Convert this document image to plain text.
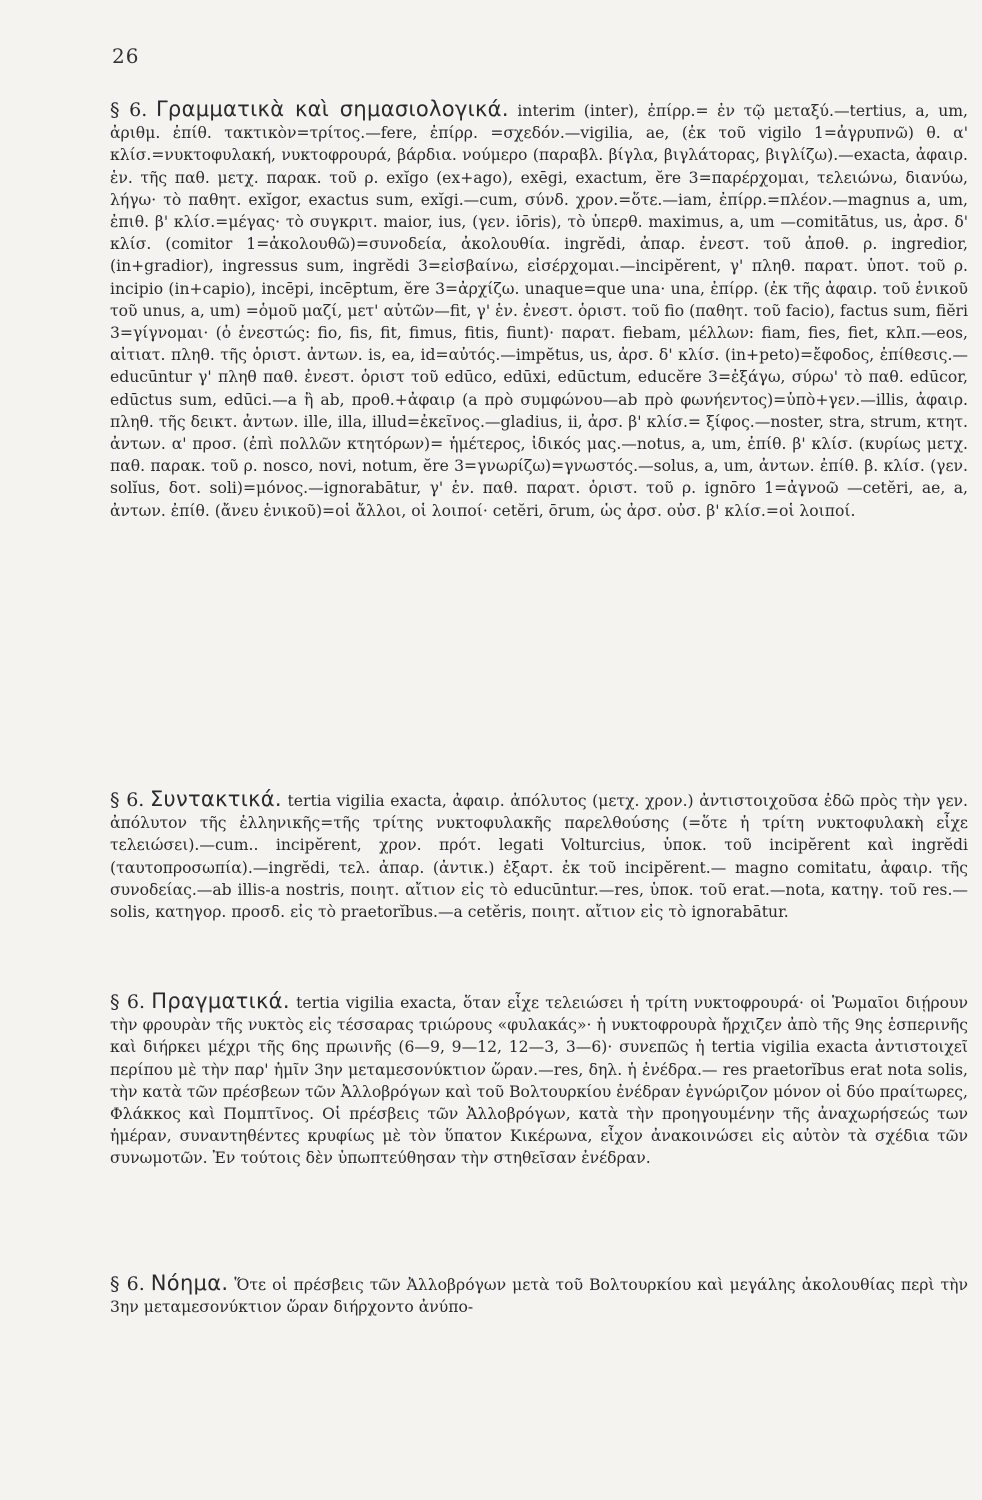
26
§ 6. Γραμματικὰ καὶ σημασιολογικά. interim (inter), ἐπίρρ.= ἐν τῷ μεταξύ.—tertius, a, um, ἀριθμ. ἐπίθ. τακτικὸν=τρίτος.—fere, ἐπίρρ. =σχεδόν.—vigilia, ae, (ἐκ τοῦ vigilo 1=ἀγρυπνῶ) θ. α' κλίσ.=νυκτοφυλακή, νυκτοφρουρά, βάρδια. νούμερο (παραβλ. βίγλα, βιγλάτορας, βιγλίζω).—exacta, ἀφαιρ. ἑν. τῆς παθ. μετχ. παρακ. τοῦ ρ. exĭgo (ex+ago), exēgi, exactum, ĕre 3=παρέρχομαι, τελειώνω, διανύω, λήγω· τὸ παθητ. exĭgor, exactus sum, exĭgi.—cum, σύνδ. χρον.=ὅτε.—iam, ἐπίρρ.=πλέον.—magnus a, um, ἐπιθ. β' κλίσ.=μέγας· τὸ συγκριτ. maior, ius, (γεν. iōris), τὸ ὑπερθ. maximus, a, um —comitātus, us, ἀρσ. δ' κλίσ. (comitor 1=ἀκολουθῶ)=συνοδεία, ἀκολουθία. ingrĕdi, ἀπαρ. ἐνεστ. τοῦ ἀποθ. ρ. ingredior, (in+gradior), ingressus sum, ingrĕdi 3=εἰσβαίνω, εἰσέρχομαι.—incipĕrent, γ' πληθ. παρατ. ὑποτ. τοῦ ρ. incipio (in+capio), incēpi, incēptum, ĕre 3=ἀρχίζω. unaque=que una· una, ἐπίρρ. (ἐκ τῆς ἀφαιρ. τοῦ ἑνικοῦ τοῦ unus, a, um) =ὁμοῦ μαζί, μετ' αὐτῶν—fit, γ' ἑν. ἐνεστ. ὁριστ. τοῦ fio (παθητ. τοῦ facio), factus sum, fiĕri 3=γίγνομαι· (ὁ ἐνεστώς: fio, fis, fit, fimus, fitis, fiunt)· παρατ. fiebam, μέλλων: fiam, fies, fiet, κλπ.—eos, αἰτιατ. πληθ. τῆς ὁριστ. ἀντων. is, ea, id=αὐτός.—impĕtus, us, ἀρσ. δ' κλίσ. (in+peto)=ἔφοδος, ἐπίθεσις.—educūntur γ' πληθ παθ. ἐνεστ. ὁριστ τοῦ edūco, edūxi, edūctum, educĕre 3=ἐξάγω, σύρω' τὸ παθ. edūcor, edūctus sum, edūci.—a ἢ ab, προθ.+ἀφαιρ (a πρὸ συμφώνου—ab πρὸ φωνήεντος)=ὑπὸ+γεν.—illis, ἀφαιρ. πληθ. τῆς δεικτ. ἀντων. ille, illa, illud=ἐκεῖνος.—gladius, ii, ἀρσ. β' κλίσ.= ξίφος.—noster, stra, strum, κτητ. ἀντων. α' προσ. (ἐπὶ πολλῶν κτητόρων)= ἡμέτερος, ἰδικός μας.—notus, a, um, ἐπίθ. β' κλίσ. (κυρίως μετχ. παθ. παρακ. τοῦ ρ. nosco, novi, notum, ĕre 3=γνωρίζω)=γνωστός.—solus, a, um, ἀντων. ἐπίθ. β. κλίσ. (γεν. solĭus, δοτ. soli)=μόνος.—ignorabātur, γ' ἑν. παθ. παρατ. ὁριστ. τοῦ ρ. ignōro 1=ἀγνοῶ —cetĕri, ae, a, ἀντων. ἐπίθ. (ἄνευ ἑνικοῦ)=οἱ ἄλλοι, οἱ λοιποί· cetĕri, ōrum, ὡς ἀρσ. οὐσ. β' κλίσ.=οἱ λοιποί.
§ 6. Συντακτικά. tertia vigilia exacta, ἀφαιρ. ἀπόλυτος (μετχ. χρον.) ἀντιστοιχοῦσα ἐδῶ πρὸς τὴν γεν. ἀπόλυτον τῆς ἑλληνικῆς=τῆς τρίτης νυκτοφυλακῆς παρελθούσης (=ὅτε ἡ τρίτη νυκτοφυλακὴ εἶχε τελειώσει).—cum.. incipĕrent, χρον. πρότ. legati Volturcius, ὑποκ. τοῦ incipĕrent καὶ ingrĕdi (ταυτοπροσωπία).—ingrĕdi, τελ. ἀπαρ. (ἀντικ.) ἐξαρτ. ἐκ τοῦ incipĕrent.— magno comitatu, ἀφαιρ. τῆς συνοδείας.—ab illis-a nostris, ποιητ. αἴτιον εἰς τὸ educūntur.—res, ὑποκ. τοῦ erat.—nota, κατηγ. τοῦ res.—solis, κατηγορ. προσδ. εἰς τὸ praetorĭbus.—a cetĕris, ποιητ. αἴτιον εἰς τὸ ignorabātur.
§ 6. Πραγματικά. tertia vigilia exacta, ὅταν εἶχε τελειώσει ἡ τρίτη νυκτοφρουρά· οἱ Ῥωμαῖοι διῄρουν τὴν φρουρὰν τῆς νυκτὸς εἰς τέσσαρας τριώρους «φυλακάς»· ἡ νυκτοφρουρὰ ἤρχιζεν ἀπὸ τῆς 9ης ἑσπερινῆς καὶ διήρκει μέχρι τῆς 6ης πρωινῆς (6—9, 9—12, 12—3, 3—6)· συνεπῶς ἡ tertia vigilia exacta ἀντιστοιχεῖ περίπου μὲ τὴν παρ' ἡμῖν 3ην μεταμεσονύκτιον ὥραν.—res, δηλ. ἡ ἐνέδρα.— res praetorĭbus erat nota solis, τὴν κατὰ τῶν πρέσβεων τῶν Ἀλλοβρόγων καὶ τοῦ Βολτουρκίου ἐνέδραν ἐγνώριζον μόνον οἱ δύο πραίτωρες, Φλάκκος καὶ Πομπτῖνος. Οἱ πρέσβεις τῶν Ἀλλοβρόγων, κατὰ τὴν προηγουμένην τῆς ἀναχωρήσεώς των ἡμέραν, συναντηθέντες κρυφίως μὲ τὸν ὕπατον Κικέρωνα, εἶχον ἀνακοινώσει εἰς αὐτὸν τὰ σχέδια τῶν συνωμοτῶν. Ἐν τούτοις δὲν ὑπωπτεύθησαν τὴν στηθεῖσαν ἐνέδραν.
§ 6. Νόημα. Ὅτε οἱ πρέσβεις τῶν Ἀλλοβρόγων μετὰ τοῦ Βολτουρκίου καὶ μεγάλης ἀκολουθίας περὶ τὴν 3ην μεταμεσονύκτιον ὥραν διήρχοντο ἀνύπο-
